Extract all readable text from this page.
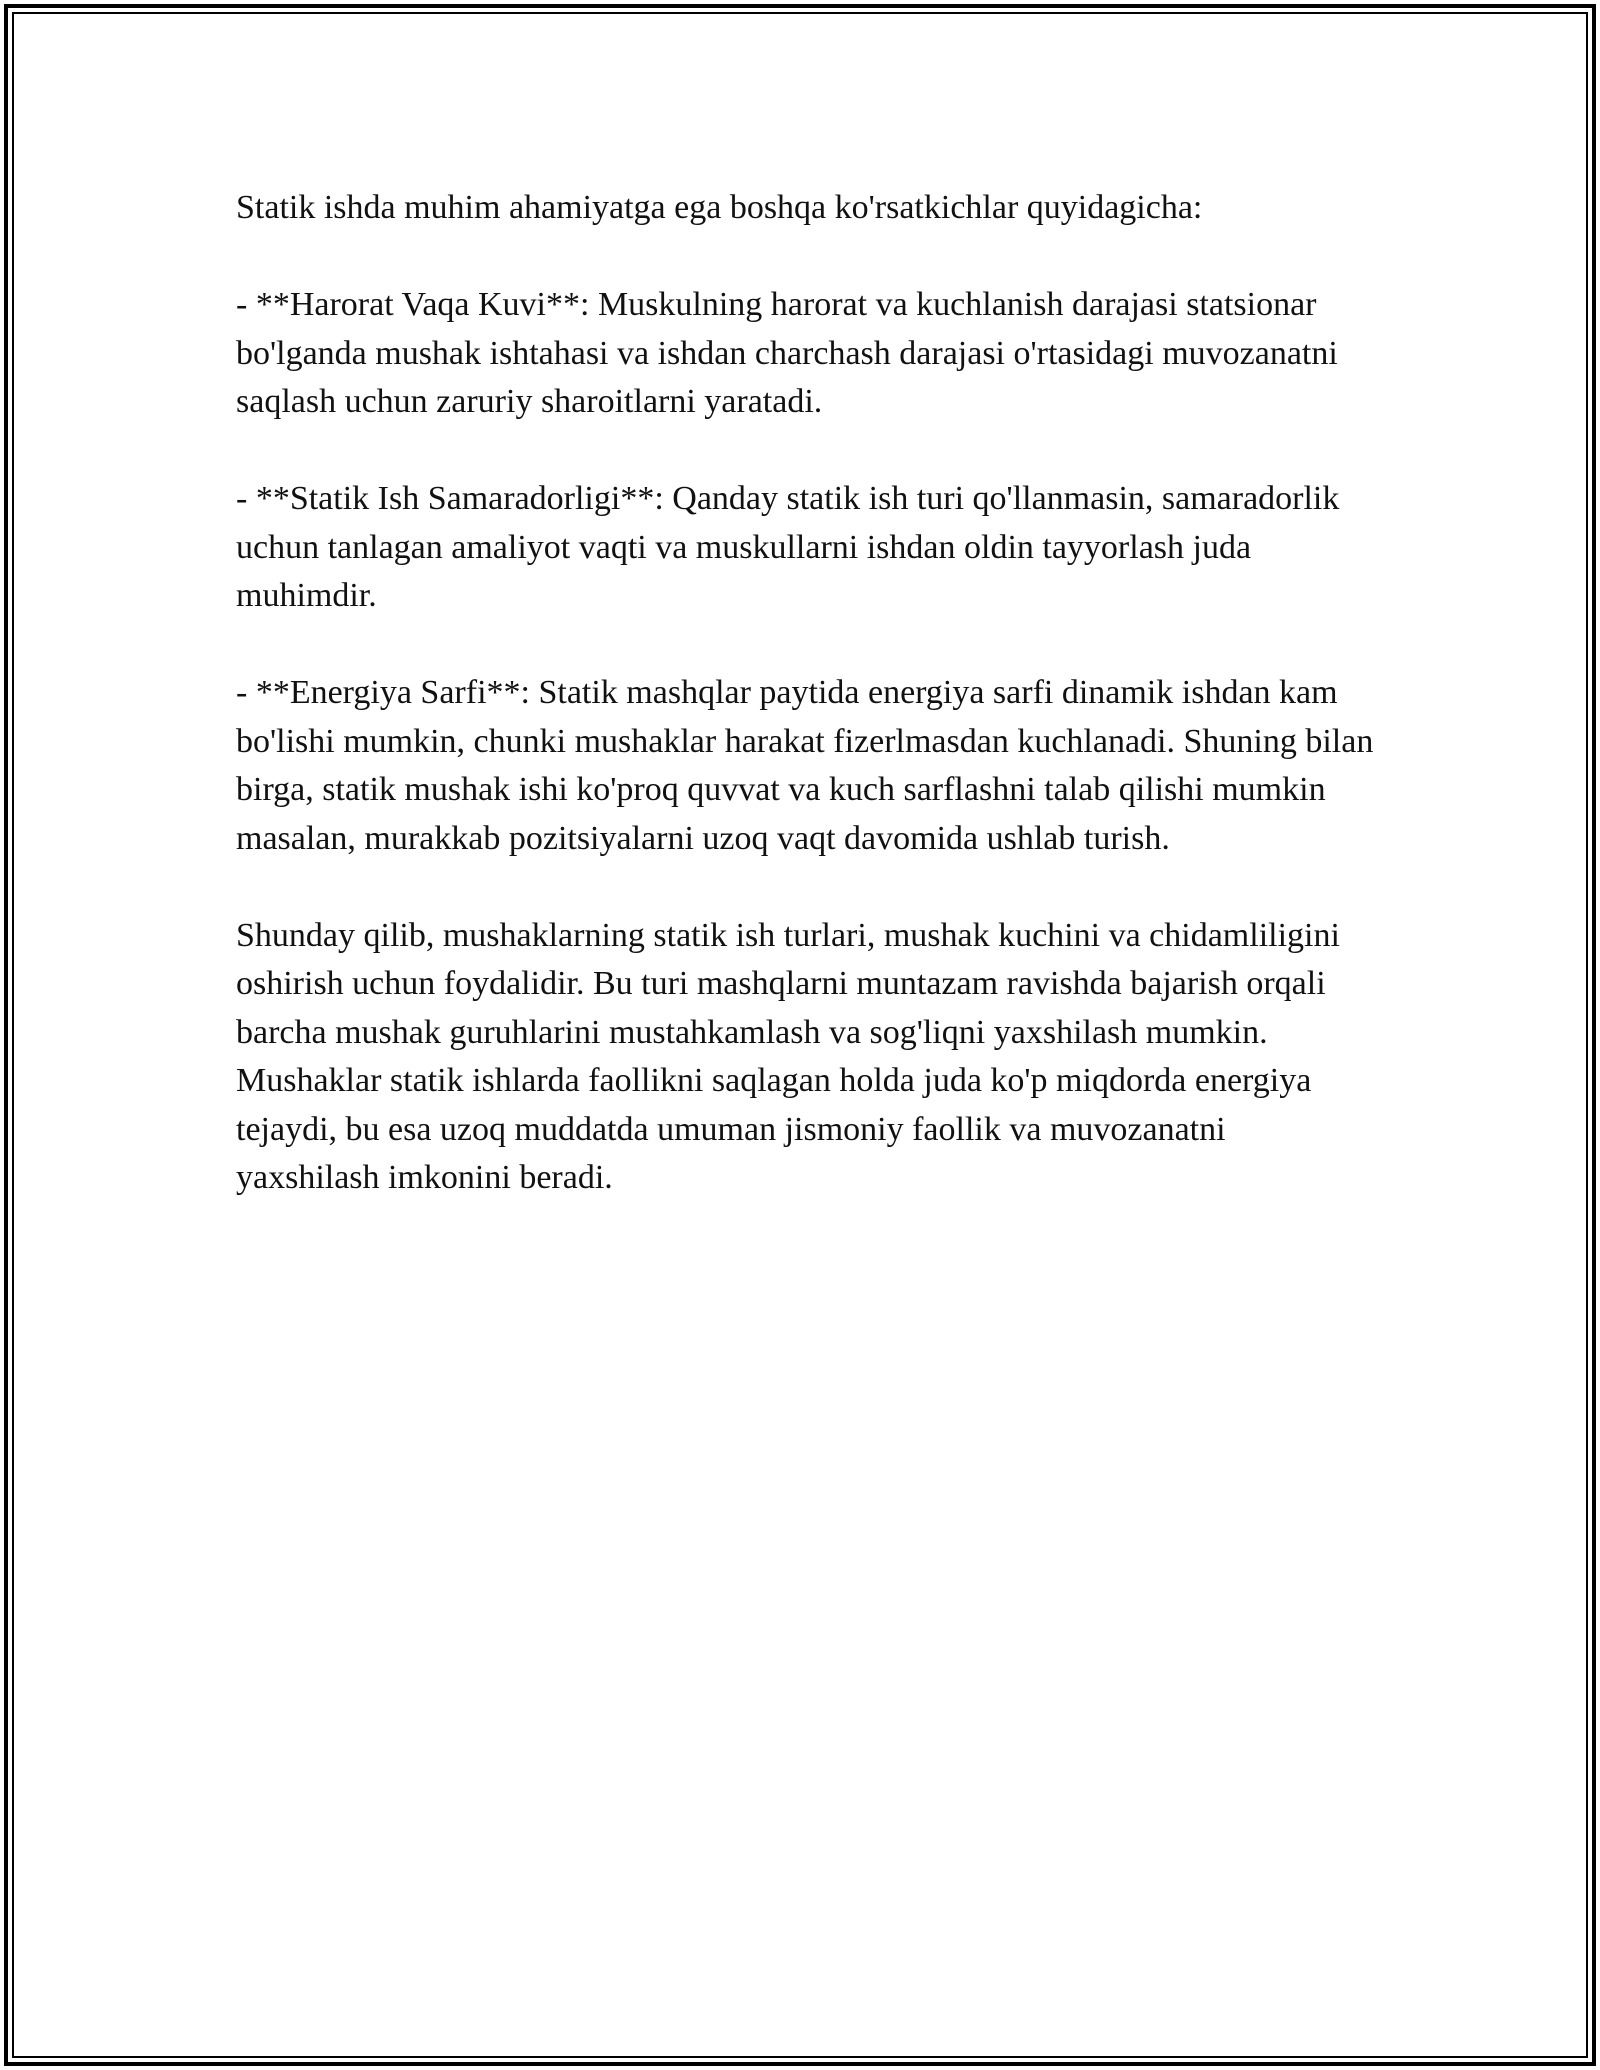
Statik ishda muhim ahamiyatga ega boshqa ko'rsatkichlar quyidagicha:

- **Harorat Vaqa Kuvi**: Muskulning harorat va kuchlanish darajasi statsionar bo'lganda mushak ishtahasi va ishdan charchash darajasi o'rtasidagi muvozanatni saqlash uchun zaruriy sharoitlarni yaratadi.

- **Statik Ish Samaradorligi**: Qanday statik ish turi qo'llanmasin, samaradorlik uchun tanlagan amaliyot vaqti va muskullarni ishdan oldin tayyorlash juda muhimdir.

- **Energiya Sarfi**: Statik mashqlar paytida energiya sarfi dinamik ishdan kam bo'lishi mumkin, chunki mushaklar harakat fizerlmasdan kuchlanadi. Shuning bilan birga, statik mushak ishi ko'proq quvvat va kuch sarflashni talab qilishi mumkin masalan, murakkab pozitsiyalarni uzoq vaqt davomida ushlab turish.

Shunday qilib, mushaklarning statik ish turlari, mushak kuchini va chidamliligini oshirish uchun foydalidir. Bu turi mashqlarni muntazam ravishda bajarish orqali barcha mushak guruhlarini mustahkamlash va sog'liqni yaxshilash mumkin. Mushaklar statik ishlarda faollikni saqlagan holda juda ko'p miqdorda energiya tejaydi, bu esa uzoq muddatda umuman jismoniy faollik va muvozanatni yaxshilash imkonini beradi.
